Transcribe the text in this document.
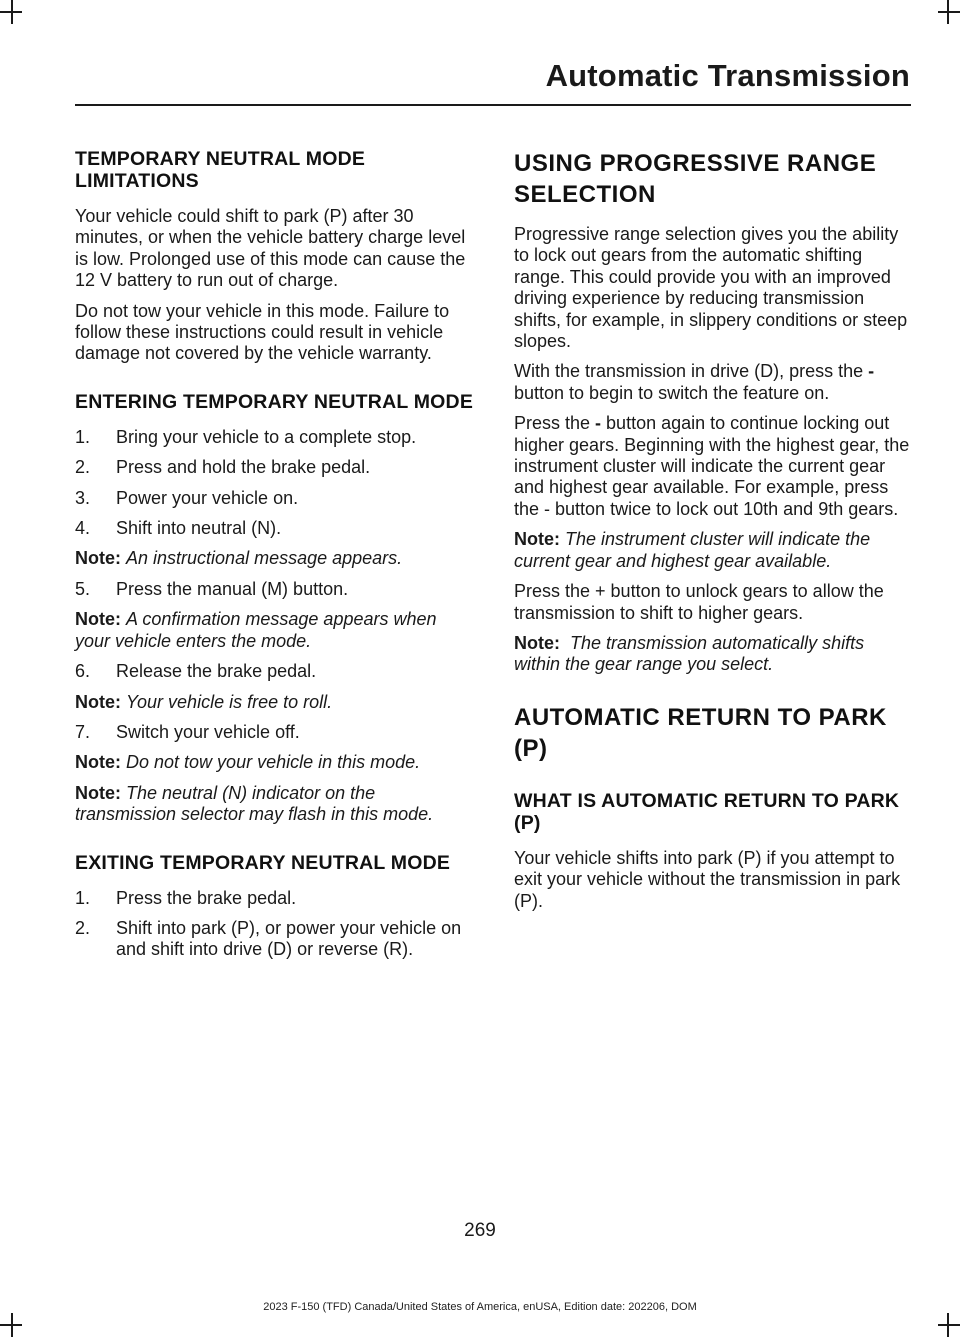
Automatic Transmission
TEMPORARY NEUTRAL MODE LIMITATIONS

Your vehicle could shift to park (P) after 30 minutes, or when the vehicle battery charge level is low. Prolonged use of this mode can cause the 12 V battery to run out of charge.

Do not tow your vehicle in this mode. Failure to follow these instructions could result in vehicle damage not covered by the vehicle warranty.

ENTERING TEMPORARY NEUTRAL MODE
1. Bring your vehicle to a complete stop.
2. Press and hold the brake pedal.
3. Power your vehicle on.
4. Shift into neutral (N).

Note: An instructional message appears.

5. Press the manual (M) button.

Note: A confirmation message appears when your vehicle enters the mode.

6. Release the brake pedal.

Note: Your vehicle is free to roll.

7. Switch your vehicle off.

Note: Do not tow your vehicle in this mode.

Note: The neutral (N) indicator on the transmission selector may flash in this mode.

EXITING TEMPORARY NEUTRAL MODE
1. Press the brake pedal.
2. Shift into park (P), or power your vehicle on and shift into drive (D) or reverse (R).
USING PROGRESSIVE RANGE SELECTION

Progressive range selection gives you the ability to lock out gears from the automatic shifting range. This could provide you with an improved driving experience by reducing transmission shifts, for example, in slippery conditions or steep slopes.

With the transmission in drive (D), press the - button to begin to switch the feature on.

Press the - button again to continue locking out higher gears. Beginning with the highest gear, the instrument cluster will indicate the current gear and highest gear available. For example, press the - button twice to lock out 10th and 9th gears.

Note: The instrument cluster will indicate the current gear and highest gear available.

Press the + button to unlock gears to allow the transmission to shift to higher gears.

Note: The transmission automatically shifts within the gear range you select.

AUTOMATIC RETURN TO PARK (P)
WHAT IS AUTOMATIC RETURN TO PARK (P)

Your vehicle shifts into park (P) if you attempt to exit your vehicle without the transmission in park (P).

269
2023 F-150 (TFD) Canada/United States of America, enUSA, Edition date: 202206, DOM
